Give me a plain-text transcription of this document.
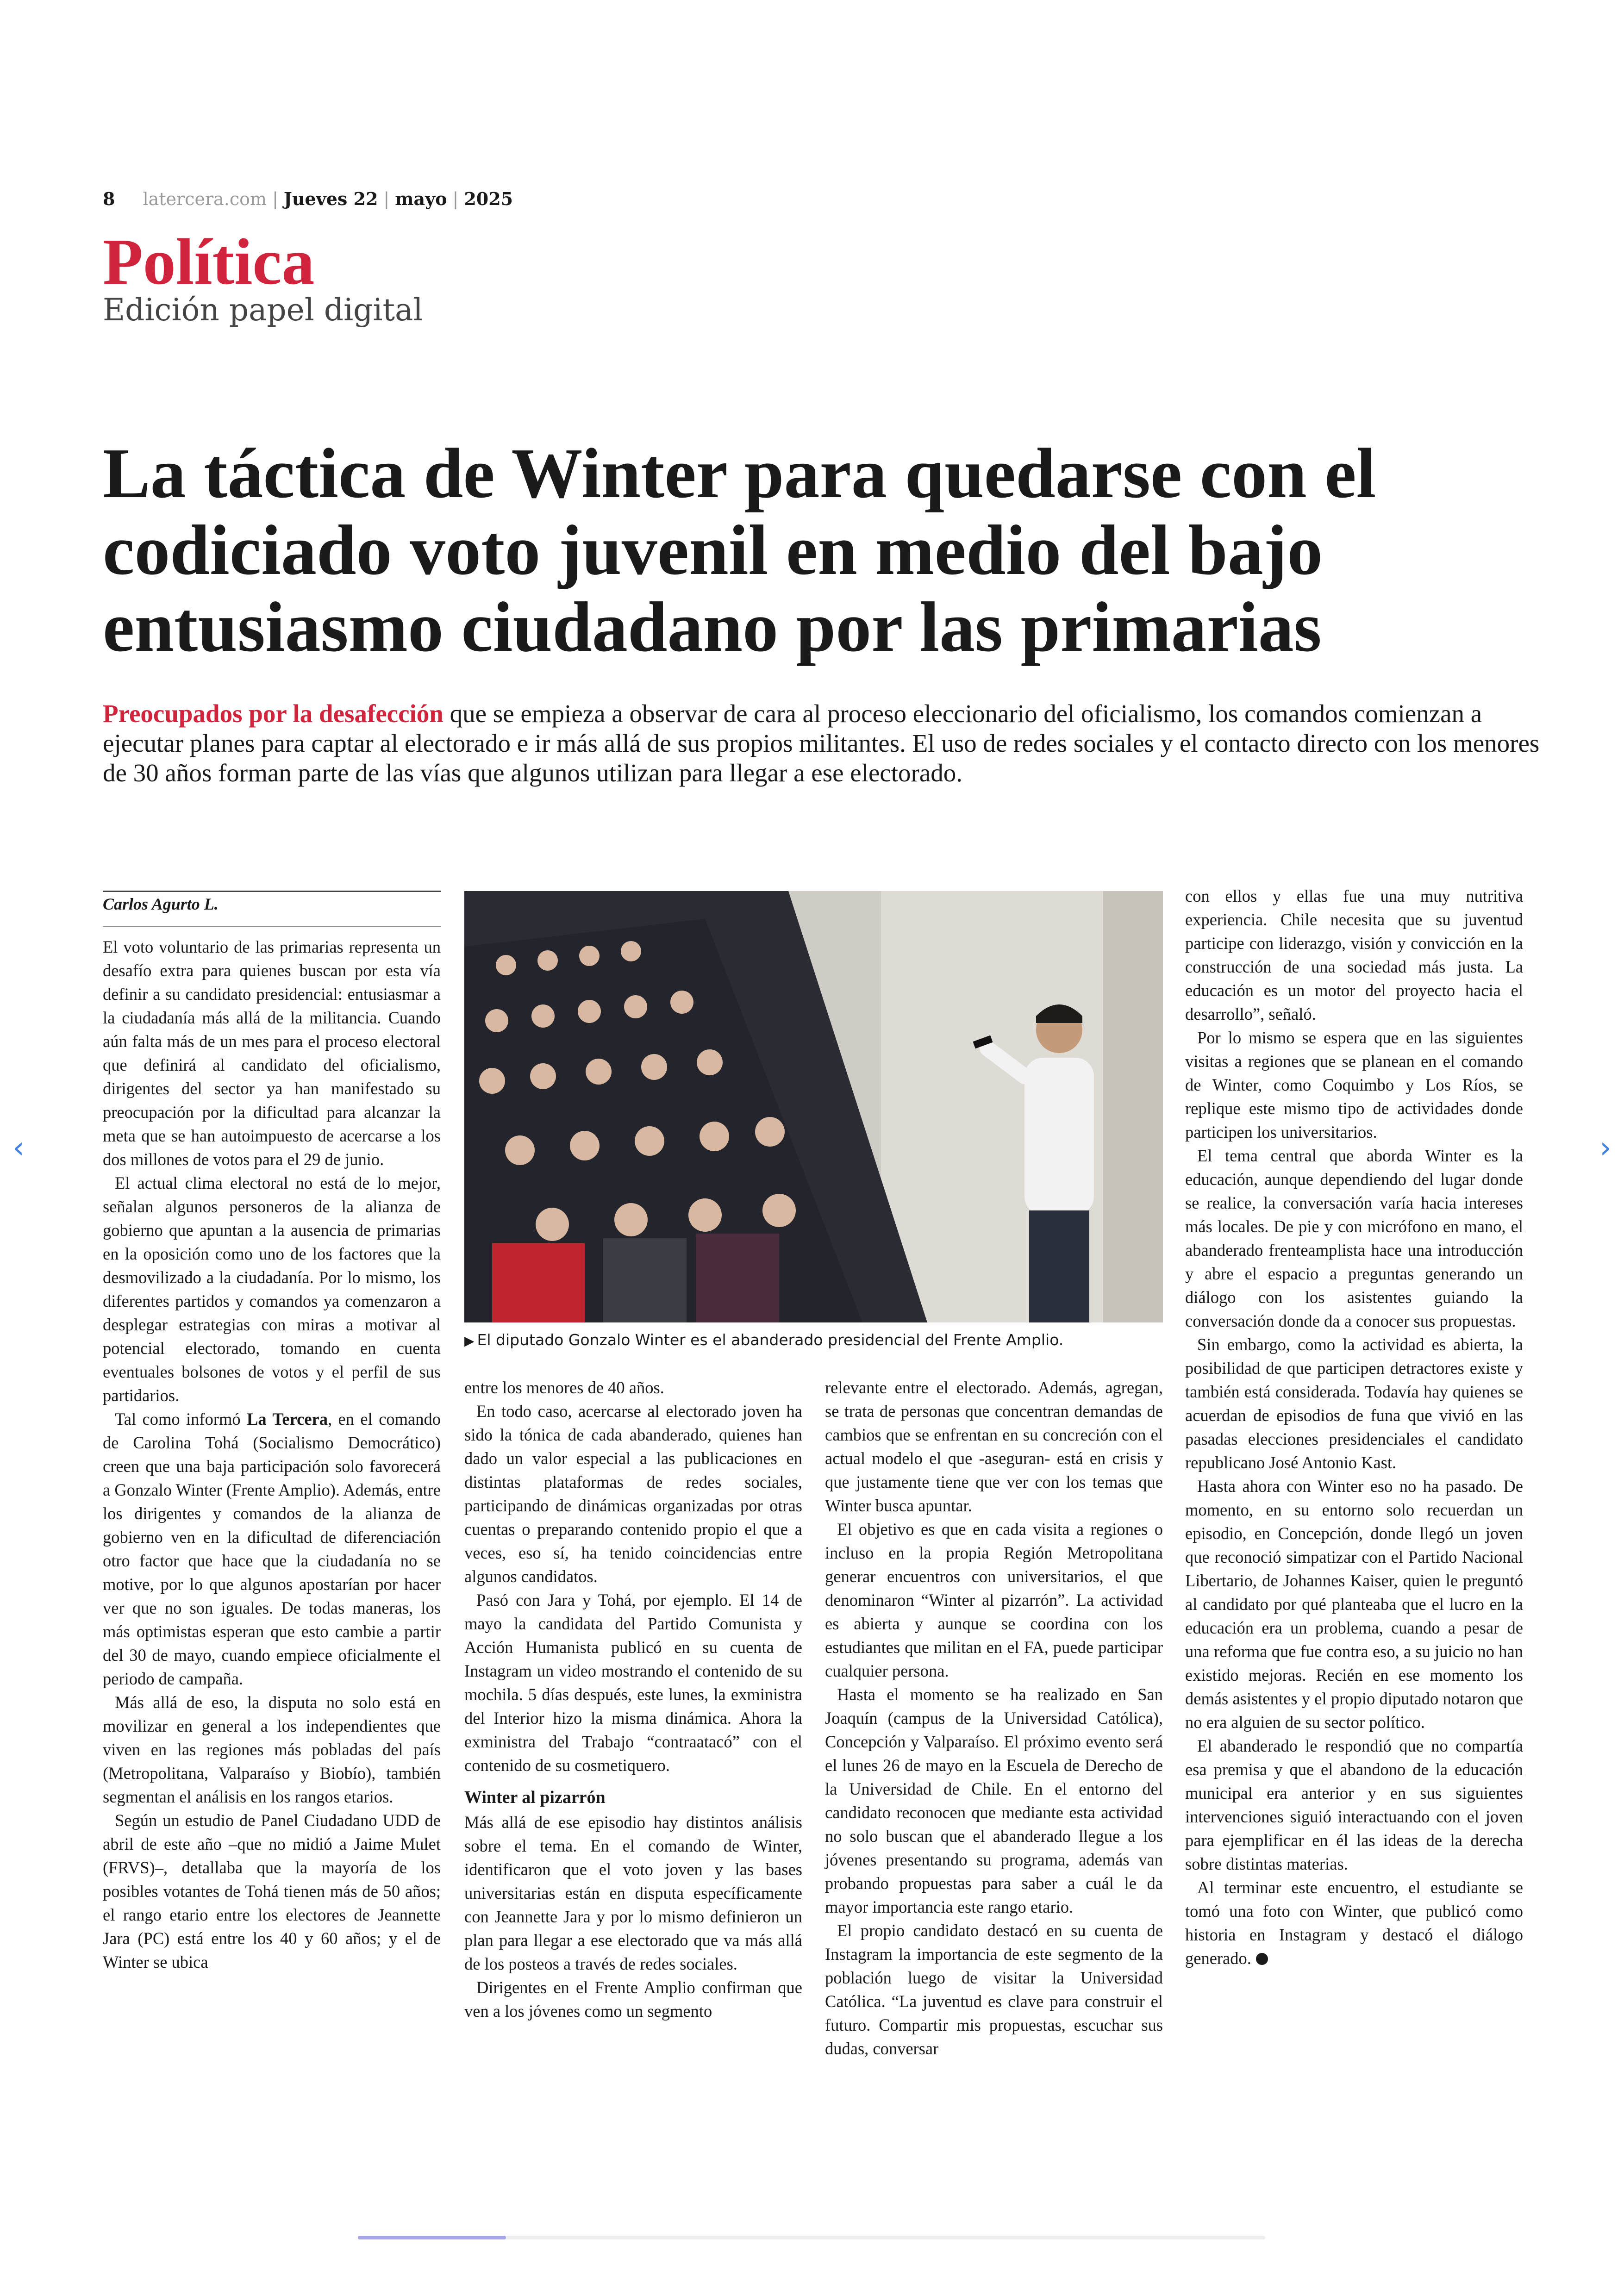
‹	›
8 latercera.com | Jueves 22 | mayo | 2025
Política
Edición papel digital
La táctica de Winter para quedarse con el codiciado voto juvenil en medio del bajo entusiasmo ciudadano por las primarias
Preocupados por la desafección que se empieza a observar de cara al proceso eleccionario del oficialismo, los comandos comienzan a ejecutar planes para captar al electorado e ir más allá de sus propios militantes. El uso de redes sociales y el contacto directo con los menores de 30 años forman parte de las vías que algunos utilizan para llegar a ese electorado.
Carlos Agurto L.

El voto voluntario de las primarias representa un desafío extra para quienes buscan por esta vía definir a su candidato presidencial: entusiasmar a la ciudadanía más allá de la militancia. Cuando aún falta más de un mes para el proceso electoral que definirá al candidato del oficialismo, dirigentes del sector ya han manifestado su preocupación por la dificultad para alcanzar la meta que se han autoimpuesto de acercarse a los dos millones de votos para el 29 de junio.

El actual clima electoral no está de lo mejor, señalan algunos personeros de la alianza de gobierno que apuntan a la ausencia de primarias en la oposición como uno de los factores que la desmovilizado a la ciudadanía. Por lo mismo, los diferentes partidos y comandos ya comenzaron a desplegar estrategias con miras a motivar al potencial electorado, tomando en cuenta eventuales bolsones de votos y el perfil de sus partidarios.

Tal como informó La Tercera, en el comando de Carolina Tohá (Socialismo Democrático) creen que una baja participación solo favorecerá a Gonzalo Winter (Frente Amplio). Además, entre los dirigentes y comandos de la alianza de gobierno ven en la dificultad de diferenciación otro factor que hace que la ciudadanía no se motive, por lo que algunos apostarían por hacer ver que no son iguales. De todas maneras, los más optimistas esperan que esto cambie a partir del 30 de mayo, cuando empiece oficialmente el periodo de campaña.

Más allá de eso, la disputa no solo está en movilizar en general a los independientes que viven en las regiones más pobladas del país (Metropolitana, Valparaíso y Biobío), también segmentan el análisis en los rangos etarios.

Según un estudio de Panel Ciudadano UDD de abril de este año –que no midió a Jaime Mulet (FRVS)–, detallaba que la mayoría de los posibles votantes de Tohá tienen más de 50 años; el rango etario entre los electores de Jeannette Jara (PC) está entre los 40 y 60 años; y el de Winter se ubica

▶ El diputado Gonzalo Winter es el abanderado presidencial del Frente Amplio.

entre los menores de 40 años.

En todo caso, acercarse al electorado joven ha sido la tónica de cada abanderado, quienes han dado un valor especial a las publicaciones en distintas plataformas de redes sociales, participando de dinámicas organizadas por otras cuentas o preparando contenido propio el que a veces, eso sí, ha tenido coincidencias entre algunos candidatos.

Pasó con Jara y Tohá, por ejemplo. El 14 de mayo la candidata del Partido Comunista y Acción Humanista publicó en su cuenta de Instagram un video mostrando el contenido de su mochila. 5 días después, este lunes, la exministra del Interior hizo la misma dinámica. Ahora la exministra del Trabajo “contraatacó” con el contenido de su cosmetiquero.

Winter al pizarrón

Más allá de ese episodio hay distintos análisis sobre el tema. En el comando de Winter, identificaron que el voto joven y las bases universitarias están en disputa específicamente con Jeannette Jara y por lo mismo definieron un plan para llegar a ese electorado que va más allá de los posteos a través de redes sociales.

Dirigentes en el Frente Amplio confirman que ven a los jóvenes como un segmento

relevante entre el electorado. Además, agregan, se trata de personas que concentran demandas de cambios que se enfrentan en su concreción con el actual modelo el que -aseguran- está en crisis y que justamente tiene que ver con los temas que Winter busca apuntar.

El objetivo es que en cada visita a regiones o incluso en la propia Región Metropolitana generar encuentros con universitarios, el que denominaron “Winter al pizarrón”. La actividad es abierta y aunque se coordina con los estudiantes que militan en el FA, puede participar cualquier persona.

Hasta el momento se ha realizado en San Joaquín (campus de la Universidad Católica), Concepción y Valparaíso. El próximo evento será el lunes 26 de mayo en la Escuela de Derecho de la Universidad de Chile. En el entorno del candidato reconocen que mediante esta actividad no solo buscan que el abanderado llegue a los jóvenes presentando su programa, además van probando propuestas para saber a cuál le da mayor importancia este rango etario.

El propio candidato destacó en su cuenta de Instagram la importancia de este segmento de la población luego de visitar la Universidad Católica. “La juventud es clave para construir el futuro. Compartir mis propuestas, escuchar sus dudas, conversar

con ellos y ellas fue una muy nutritiva experiencia. Chile necesita que su juventud participe con liderazgo, visión y convicción en la construcción de una sociedad más justa. La educación es un motor del proyecto hacia el desarrollo”, señaló.

Por lo mismo se espera que en las siguientes visitas a regiones que se planean en el comando de Winter, como Coquimbo y Los Ríos, se replique este mismo tipo de actividades donde participen los universitarios.

El tema central que aborda Winter es la educación, aunque dependiendo del lugar donde se realice, la conversación varía hacia intereses más locales. De pie y con micrófono en mano, el abanderado frenteamplista hace una introducción y abre el espacio a preguntas generando un diálogo con los asistentes guiando la conversación donde da a conocer sus propuestas.

Sin embargo, como la actividad es abierta, la posibilidad de que participen detractores existe y también está considerada. Todavía hay quienes se acuerdan de episodios de funa que vivió en las pasadas elecciones presidenciales el candidato republicano José Antonio Kast.

Hasta ahora con Winter eso no ha pasado. De momento, en su entorno solo recuerdan un episodio, en Concepción, donde llegó un joven que reconoció simpatizar con el Partido Nacional Libertario, de Johannes Kaiser, quien le preguntó al candidato por qué planteaba que el lucro en la educación era un problema, cuando a pesar de una reforma que fue contra eso, a su juicio no han existido mejoras. Recién en ese momento los demás asistentes y el propio diputado notaron que no era alguien de su sector político.

El abanderado le respondió que no compartía esa premisa y que el abandono de la educación municipal era anterior y en sus siguientes intervenciones siguió interactuando con el joven para ejemplificar en él las ideas de la derecha sobre distintas materias.

Al terminar este encuentro, el estudiante se tomó una foto con Winter, que publicó como historia en Instagram y destacó el diálogo generado.
